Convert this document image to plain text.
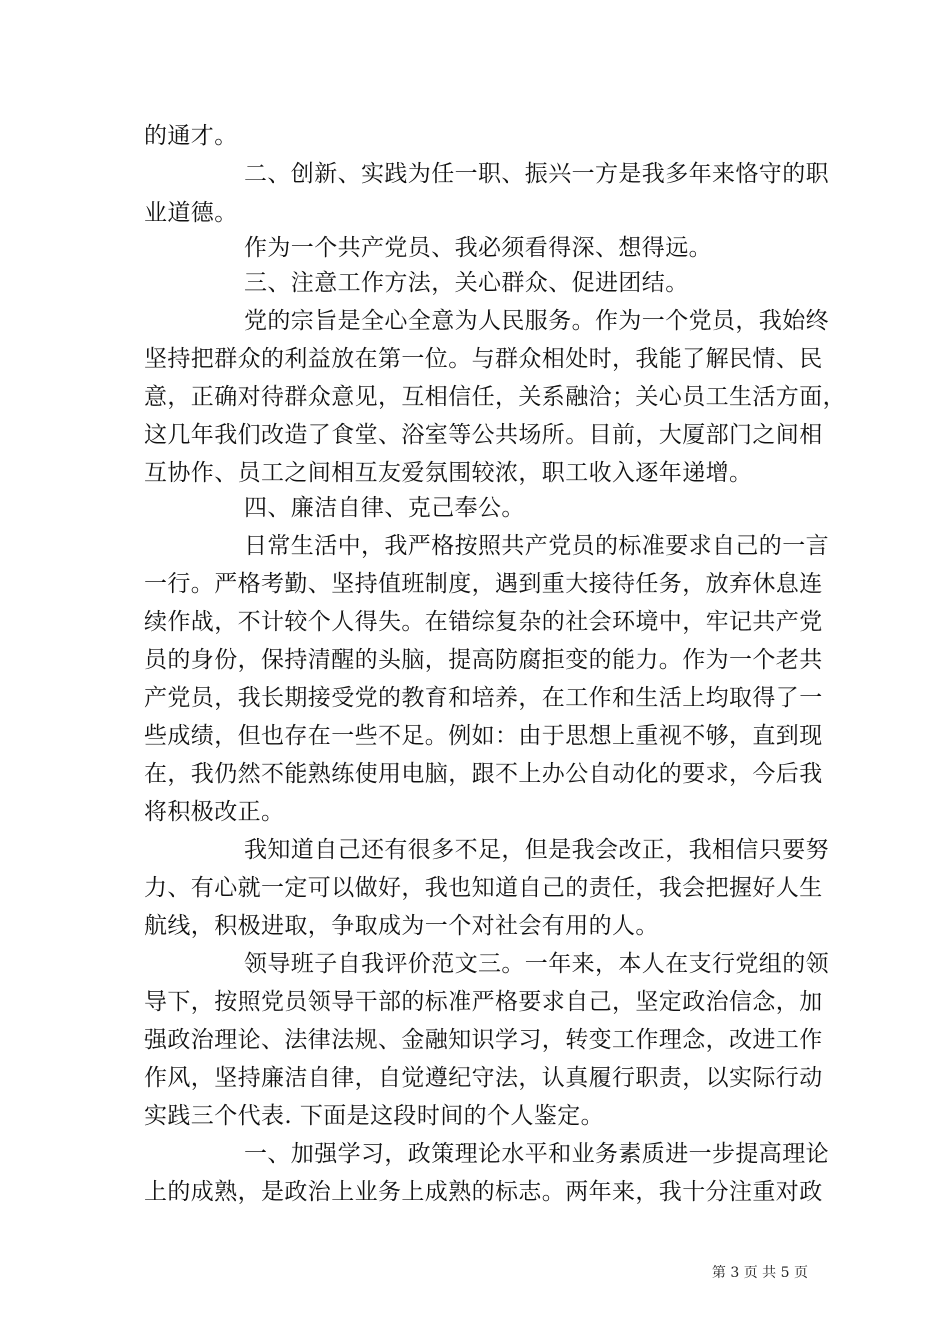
的通才。
二、创新、实践为任一职、振兴一方是我多年来恪守的职
业道德。
作为一个共产党员、我必须看得深、想得远。
三、注意工作方法，关心群众、促进团结。
党的宗旨是全心全意为人民服务。作为一个党员，我始终
坚持把群众的利益放在第一位。与群众相处时，我能了解民情、民
意，正确对待群众意见，互相信任，关系融洽；关心员工生活方面，
这几年我们改造了食堂、浴室等公共场所。目前，大厦部门之间相
互协作、员工之间相互友爱氛围较浓，职工收入逐年递增。
四、廉洁自律、克己奉公。
日常生活中，我严格按照共产党员的标准要求自己的一言
一行。严格考勤、坚持值班制度，遇到重大接待任务，放弃休息连
续作战，不计较个人得失。在错综复杂的社会环境中，牢记共产党
员的身份，保持清醒的头脑，提高防腐拒变的能力。作为一个老共
产党员，我长期接受党的教育和培养，在工作和生活上均取得了一
些成绩，但也存在一些不足。例如：由于思想上重视不够，直到现
在，我仍然不能熟练使用电脑，跟不上办公自动化的要求，今后我
将积极改正。
我知道自己还有很多不足，但是我会改正，我相信只要努
力、有心就一定可以做好，我也知道自己的责任，我会把握好人生
航线，积极进取，争取成为一个对社会有用的人。
领导班子自我评价范文三。一年来，本人在支行党组的领
导下，按照党员领导干部的标准严格要求自己，坚定政治信念，加
强政治理论、法律法规、金融知识学习，转变工作理念，改进工作
作风，坚持廉洁自律，自觉遵纪守法，认真履行职责，以实际行动
实践三个代表. 下面是这段时间的个人鉴定。
一、加强学习，政策理论水平和业务素质进一步提高理论
上的成熟，是政治上业务上成熟的标志。两年来，我十分注重对政
第 3 页 共 5 页
